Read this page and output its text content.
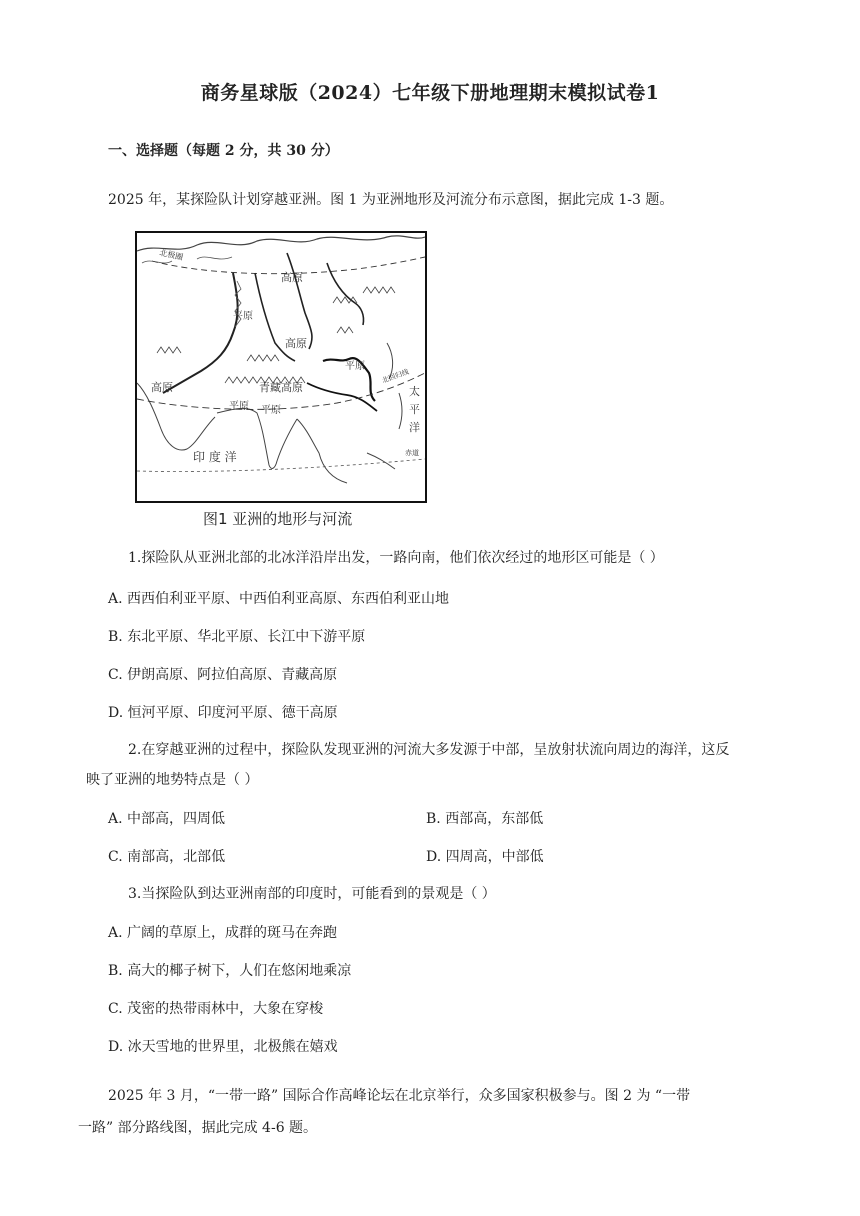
商务星球版（2024）七年级下册地理期末模拟试卷1
一、选择题（每题 2 分，共 30 分）
2025 年，某探险队计划穿越亚洲。图 1 为亚洲地形及河流分布示意图，据此完成 1-3 题。
北极圈
高原
平原
高原
平原
青藏高原
高原
平原 平原
印 度 洋
北回归线
太
平
洋
赤道
图1 亚洲的地形与河流
1.探险队从亚洲北部的北冰洋沿岸出发，一路向南，他们依次经过的地形区可能是（ ）
A. 西西伯利亚平原、中西伯利亚高原、东西伯利亚山地
B. 东北平原、华北平原、长江中下游平原
C. 伊朗高原、阿拉伯高原、青藏高原
D. 恒河平原、印度河平原、德干高原
2.在穿越亚洲的过程中，探险队发现亚洲的河流大多发源于中部，呈放射状流向周边的海洋，这反
映了亚洲的地势特点是（ ）
A. 中部高，四周低	B. 西部高，东部低
C. 南部高，北部低	D. 四周高，中部低
3.当探险队到达亚洲南部的印度时，可能看到的景观是（ ）
A. 广阔的草原上，成群的斑马在奔跑
B. 高大的椰子树下，人们在悠闲地乘凉
C. 茂密的热带雨林中，大象在穿梭
D. 冰天雪地的世界里，北极熊在嬉戏
2025 年 3 月，“一带一路” 国际合作高峰论坛在北京举行，众多国家积极参与。图 2 为 “一带
一路” 部分路线图，据此完成 4-6 题。
